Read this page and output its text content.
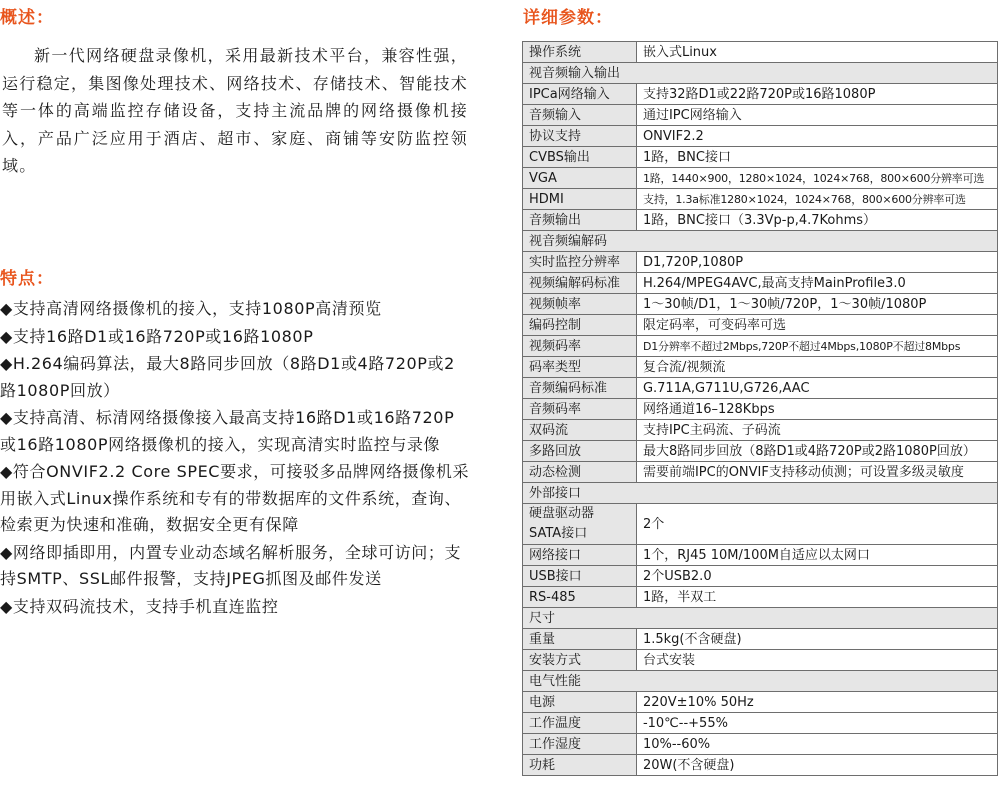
概述：

新一代网络硬盘录像机，采用最新技术平台，兼容性强，运行稳定，集图像处理技术、网络技术、存储技术、智能技术等一体的高端监控存储设备，支持主流品牌的网络摄像机接入，产品广泛应用于酒店、超市、家庭、商铺等安防监控领域。

特点：
◆支持高清网络摄像机的接入，支持1080P高清预览
◆支持16路D1或16路720P或16路1080P
◆H.264编码算法，最大8路同步回放（8路D1或4路720P或2路1080P回放）
◆支持高清、标清网络摄像接入最高支持16路D1或16路720P或16路1080P网络摄像机的接入，实现高清实时监控与录像
◆符合ONVIF2.2 Core SPEC要求，可接驳多品牌网络摄像机采用嵌入式Linux操作系统和专有的带数据库的文件系统，查询、检索更为快速和准确，数据安全更有保障
◆网络即插即用，内置专业动态域名解析服务，全球可访问；支持SMTP、SSL邮件报警，支持JPEG抓图及邮件发送
◆支持双码流技术，支持手机直连监控
详细参数：
操作系统	嵌入式Linux
视音频输入输出	
IPCa网络输入	支持32路D1或22路720P或16路1080P
音频输入	通过IPC网络输入
协议支持	ONVIF2.2
CVBS输出	1路，BNC接口
VGA	1路，1440×900，1280×1024，1024×768，800×600分辨率可选
HDMI	支持，1.3a标准1280×1024，1024×768，800×600分辨率可选
音频输出	1路，BNC接口（3.3Vp-p,4.7Kohms）
视音频编解码	
实时监控分辨率	D1,720P,1080P
视频编解码标准	H.264/MPEG4AVC,最高支持MainProfile3.0
视频帧率	1～30帧/D1，1～30帧/720P，1～30帧/1080P
编码控制	限定码率，可变码率可选
视频码率	D1分辨率不超过2Mbps,720P不超过4Mbps,1080P不超过8Mbps
码率类型	复合流/视频流
音频编码标准	G.711A,G711U,G726,AAC
音频码率	网络通道16–128Kbps
双码流	支持IPC主码流、子码流
多路回放	最大8路同步回放（8路D1或4路720P或2路1080P回放）
动态检测	需要前端IPC的ONVIF支持移动侦测；可设置多级灵敏度
外部接口	

硬盘驱动器
SATA接口	2个
网络接口	1个，RJ45 10M/100M自适应以太网口
USB接口	2个USB2.0
RS-485	1路，半双工
尺寸	
重量	1.5kg(不含硬盘)
安装方式	台式安装
电气性能	
电源	220V±10% 50Hz
工作温度	-10℃--+55%
工作湿度	10%--60%
功耗	20W(不含硬盘)
